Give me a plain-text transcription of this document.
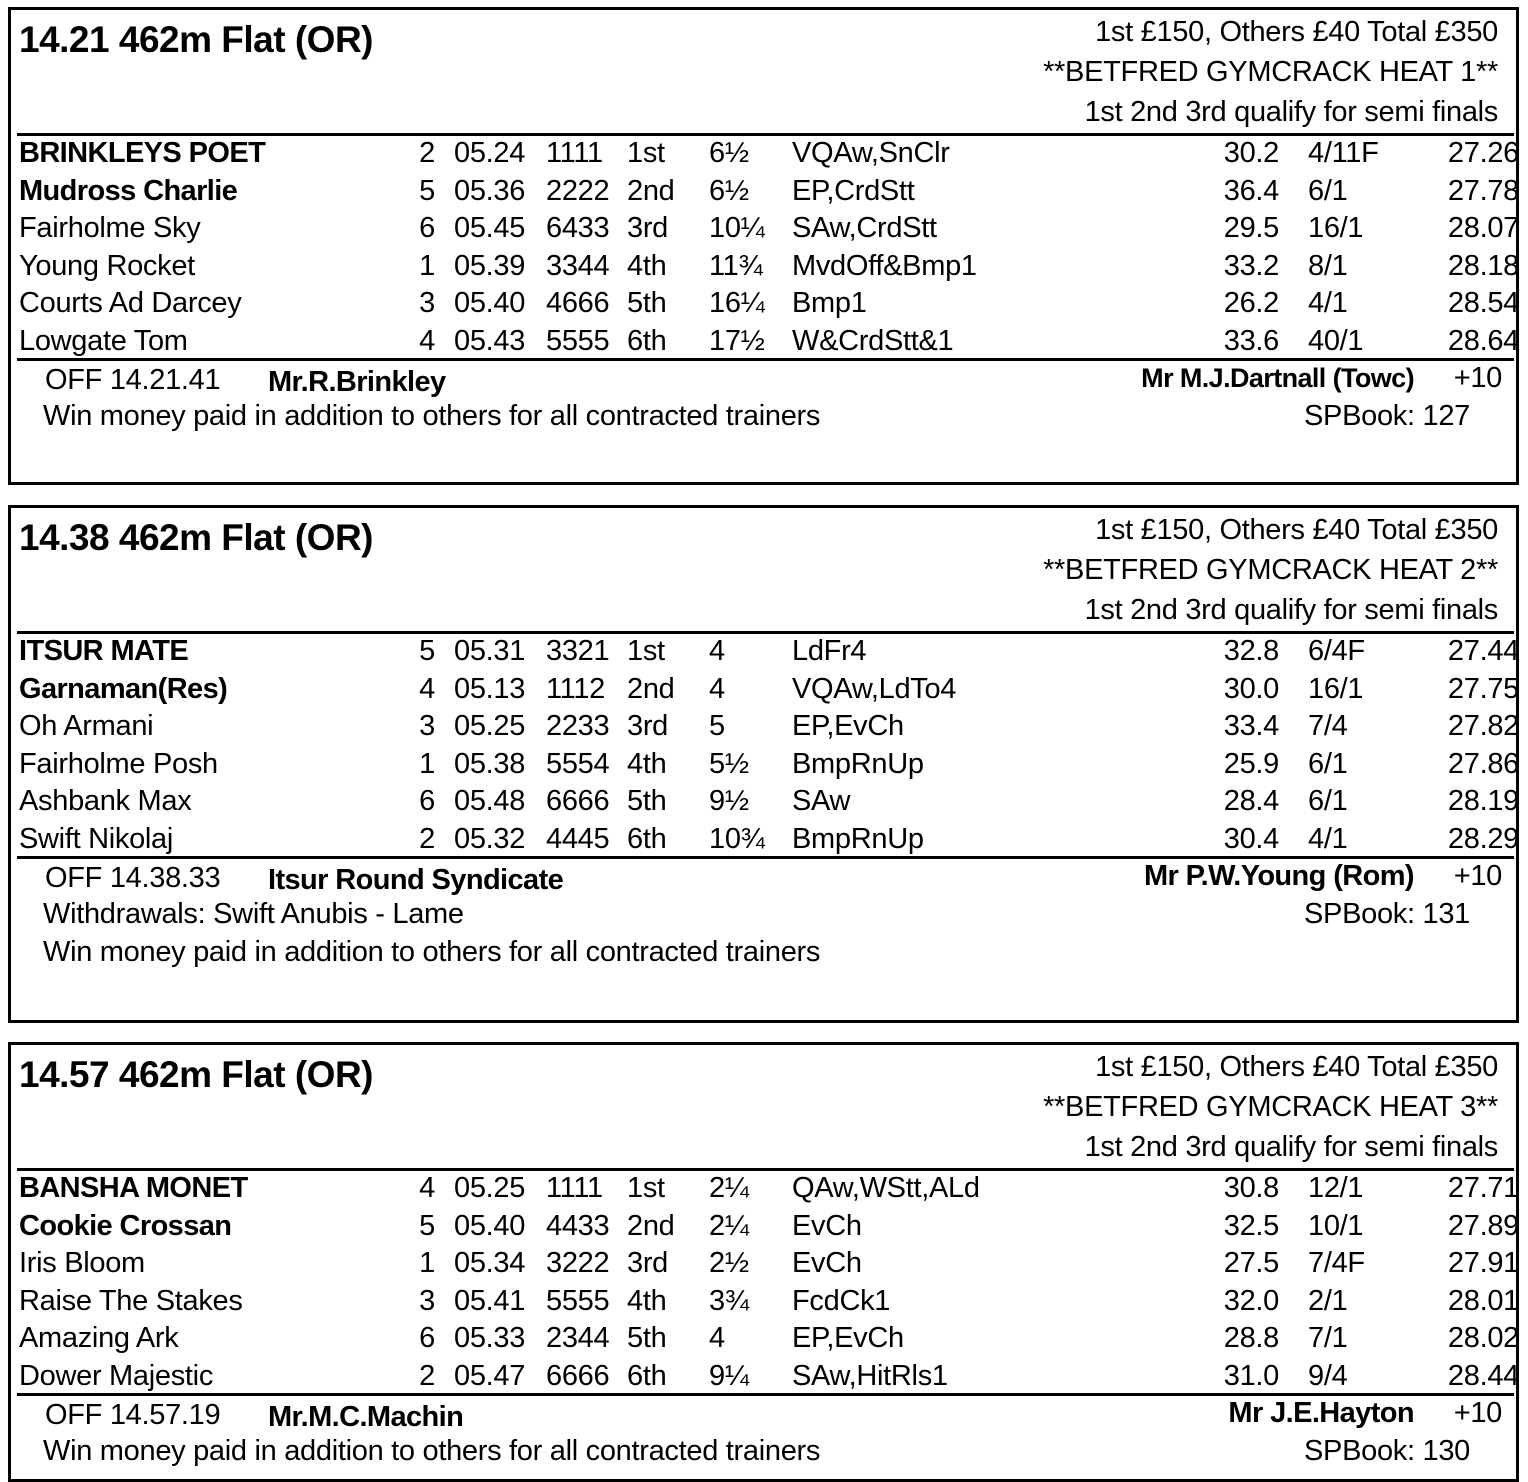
14.21 462m Flat (OR)	1st £150, Others £40 Total £350
**BETFRED GYMCRACK HEAT 1**
1st 2nd 3rd qualify for semi finals
BRINKLEYS POET	2 05.24 1111 1st 6½ VQAw,SnClr	30.2 4/11F	27.26
Mudross Charlie	5 05.36 2222 2nd 6½ EP,CrdStt	36.4 6/1	27.78
Fairholme Sky	6 05.45 6433 3rd 10¼ SAw,CrdStt	29.5 16/1	28.07
Young Rocket	1 05.39 3344 4th 11¾ MvdOff&Bmp1	33.2 8/1	28.18
Courts Ad Darcey	3 05.40 4666 5th 16¼ Bmp1	26.2 4/1	28.54
Lowgate Tom	4 05.43 5555 6th 17½ W&CrdStt&1	33.6 40/1	28.64
OFF 14.21.41 Mr.R.Brinkley	Mr M.J.Dartnall (Towc) +10
Win money paid in addition to others for all contracted trainers	SPBook: 127
14.38 462m Flat (OR)	1st £150, Others £40 Total £350
**BETFRED GYMCRACK HEAT 2**
1st 2nd 3rd qualify for semi finals
ITSUR MATE	5 05.31 3321 1st 4 LdFr4	32.8 6/4F	27.44
Garnaman(Res)	4 05.13 1112 2nd 4 VQAw,LdTo4	30.0 16/1	27.75
Oh Armani	3 05.25 2233 3rd 5 EP,EvCh	33.4 7/4	27.82
Fairholme Posh	1 05.38 5554 4th 5½ BmpRnUp	25.9 6/1	27.86
Ashbank Max	6 05.48 6666 5th 9½ SAw	28.4 6/1	28.19
Swift Nikolaj	2 05.32 4445 6th 10¾ BmpRnUp	30.4 4/1	28.29
OFF 14.38.33 Itsur Round Syndicate	Mr P.W.Young (Rom) +10
Withdrawals: Swift Anubis - Lame	SPBook: 131
Win money paid in addition to others for all contracted trainers
14.57 462m Flat (OR)	1st £150, Others £40 Total £350
**BETFRED GYMCRACK HEAT 3**
1st 2nd 3rd qualify for semi finals
BANSHA MONET	4 05.25 1111 1st 2¼ QAw,WStt,ALd	30.8 12/1	27.71
Cookie Crossan	5 05.40 4433 2nd 2¼ EvCh	32.5 10/1	27.89
Iris Bloom	1 05.34 3222 3rd 2½ EvCh	27.5 7/4F	27.91
Raise The Stakes	3 05.41 5555 4th 3¾ FcdCk1	32.0 2/1	28.01
Amazing Ark	6 05.33 2344 5th 4 EP,EvCh	28.8 7/1	28.02
Dower Majestic	2 05.47 6666 6th 9¼ SAw,HitRls1	31.0 9/4	28.44
OFF 14.57.19 Mr.M.C.Machin	Mr J.E.Hayton +10
Win money paid in addition to others for all contracted trainers	SPBook: 130
